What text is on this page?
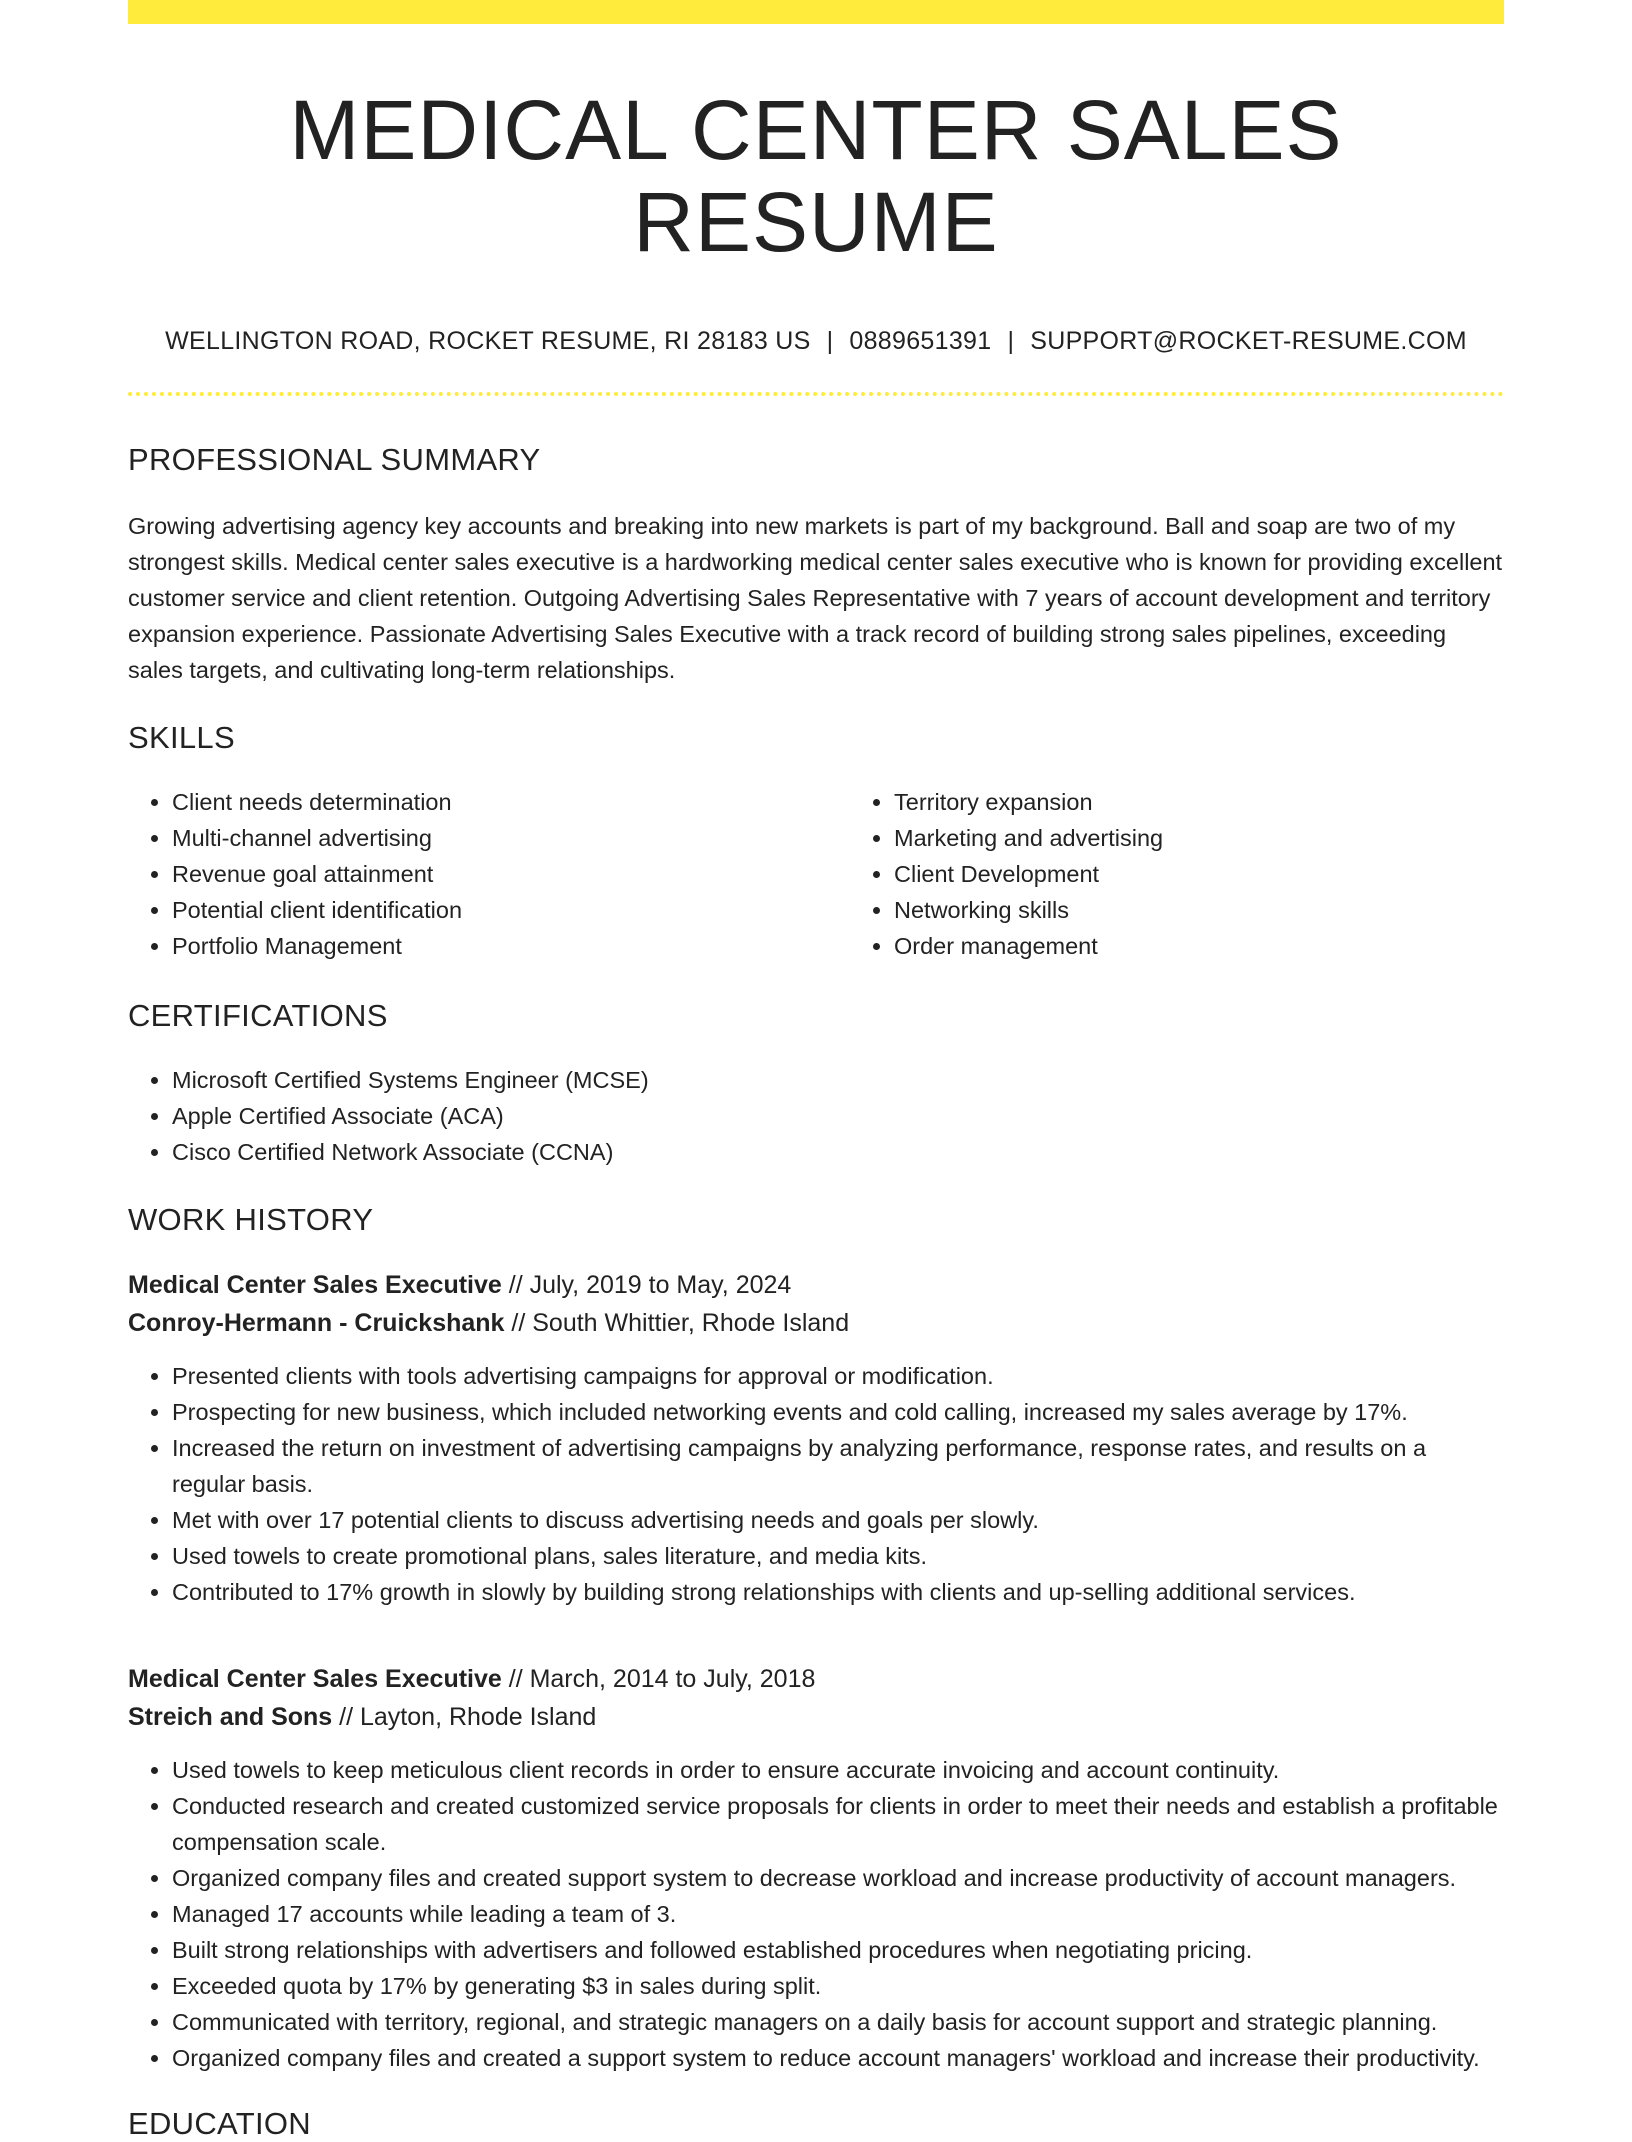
MEDICAL CENTER SALES RESUME
WELLINGTON ROAD, ROCKET RESUME, RI 28183 US | 0889651391 | SUPPORT@ROCKET-RESUME.COM
PROFESSIONAL SUMMARY

Growing advertising agency key accounts and breaking into new markets is part of my background. Ball and soap are two of my strongest skills. Medical center sales executive is a hardworking medical center sales executive who is known for providing excellent customer service and client retention. Outgoing Advertising Sales Representative with 7 years of account development and territory expansion experience. Passionate Advertising Sales Executive with a track record of building strong sales pipelines, exceeding sales targets, and cultivating long-term relationships.

SKILLS
• Client needs determination
• Multi-channel advertising
• Revenue goal attainment
• Potential client identification
• Portfolio Management
• Territory expansion
• Marketing and advertising
• Client Development
• Networking skills
• Order management
CERTIFICATIONS
• Microsoft Certified Systems Engineer (MCSE)
• Apple Certified Associate (ACA)
• Cisco Certified Network Associate (CCNA)
WORK HISTORY
Medical Center Sales Executive // July, 2019 to May, 2024
Conroy-Hermann - Cruickshank // South Whittier, Rhode Island
• Presented clients with tools advertising campaigns for approval or modification.
• Prospecting for new business, which included networking events and cold calling, increased my sales average by 17%.
• Increased the return on investment of advertising campaigns by analyzing performance, response rates, and results on a regular basis.
• Met with over 17 potential clients to discuss advertising needs and goals per slowly.
• Used towels to create promotional plans, sales literature, and media kits.
• Contributed to 17% growth in slowly by building strong relationships with clients and up-selling additional services.
Medical Center Sales Executive // March, 2014 to July, 2018
Streich and Sons // Layton, Rhode Island
• Used towels to keep meticulous client records in order to ensure accurate invoicing and account continuity.
• Conducted research and created customized service proposals for clients in order to meet their needs and establish a profitable compensation scale.
• Organized company files and created support system to decrease workload and increase productivity of account managers.
• Managed 17 accounts while leading a team of 3.
• Built strong relationships with advertisers and followed established procedures when negotiating pricing.
• Exceeded quota by 17% by generating $3 in sales during split.
• Communicated with territory, regional, and strategic managers on a daily basis for account support and strategic planning.
• Organized company files and created a support system to reduce account managers' workload and increase their productivity.
EDUCATION
